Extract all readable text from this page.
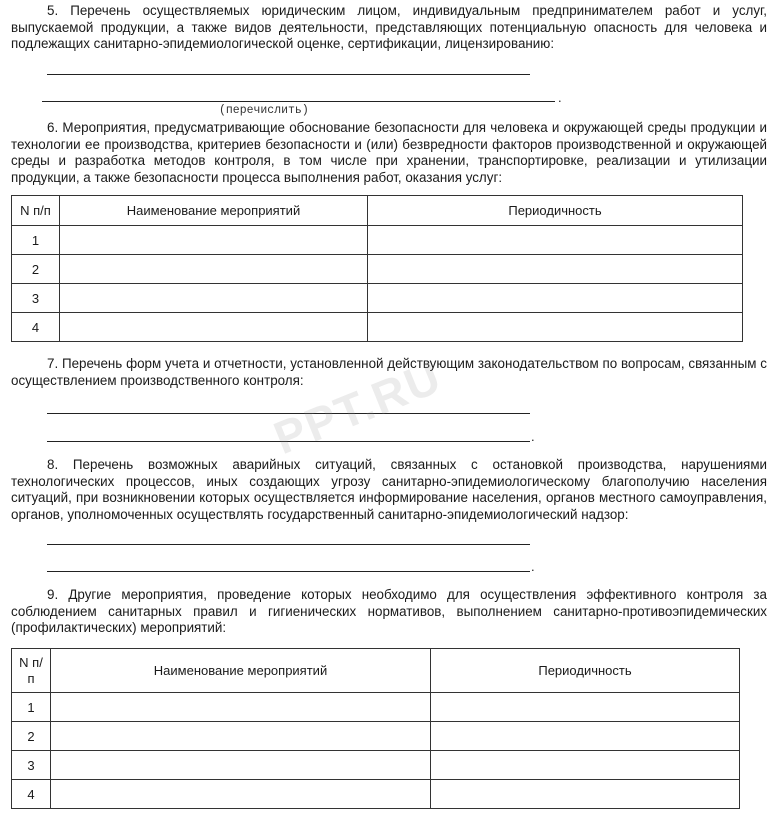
5. Перечень осуществляемых юридическим лицом, индивидуальным предпринимателем работ и услуг, выпускаемой продукции, а также видов деятельности, представляющих потенциальную опасность для человека и подлежащих санитарно-эпидемиологической оценке, сертификации, лицензированию:

.
(перечислить)

6. Мероприятия, предусматривающие обоснование безопасности для человека и окружающей среды продукции и технологии ее производства, критериев безопасности и (или) безвредности факторов производственной и окружающей среды и разработка методов контроля, в том числе при хранении, транспортировке, реализации и утилизации продукции, а также безопасности процесса выполнения работ, оказания услуг:

N п/п	Наименование мероприятий	Периодичность
1		
2		
3		
4		

7. Перечень форм учета и отчетности, установленной действующим законодательством по вопросам, связанным с осуществлением производственного контроля:

.

8. Перечень возможных аварийных ситуаций, связанных с остановкой производства, нарушениями технологических процессов, иных создающих угрозу санитарно-эпидемиологическому благополучию населения ситуаций, при возникновении которых осуществляется информирование населения, органов местного самоуправления, органов, уполномоченных осуществлять государственный санитарно-эпидемиологический надзор:

.

9. Другие мероприятия, проведение которых необходимо для осуществления эффективного контроля за соблюдением санитарных правил и гигиенических нормативов, выполнением санитарно-противоэпидемических (профилактических) мероприятий:

N п/п	Наименование мероприятий	Периодичность
1		
2		
3		
4		
PPT.RU
